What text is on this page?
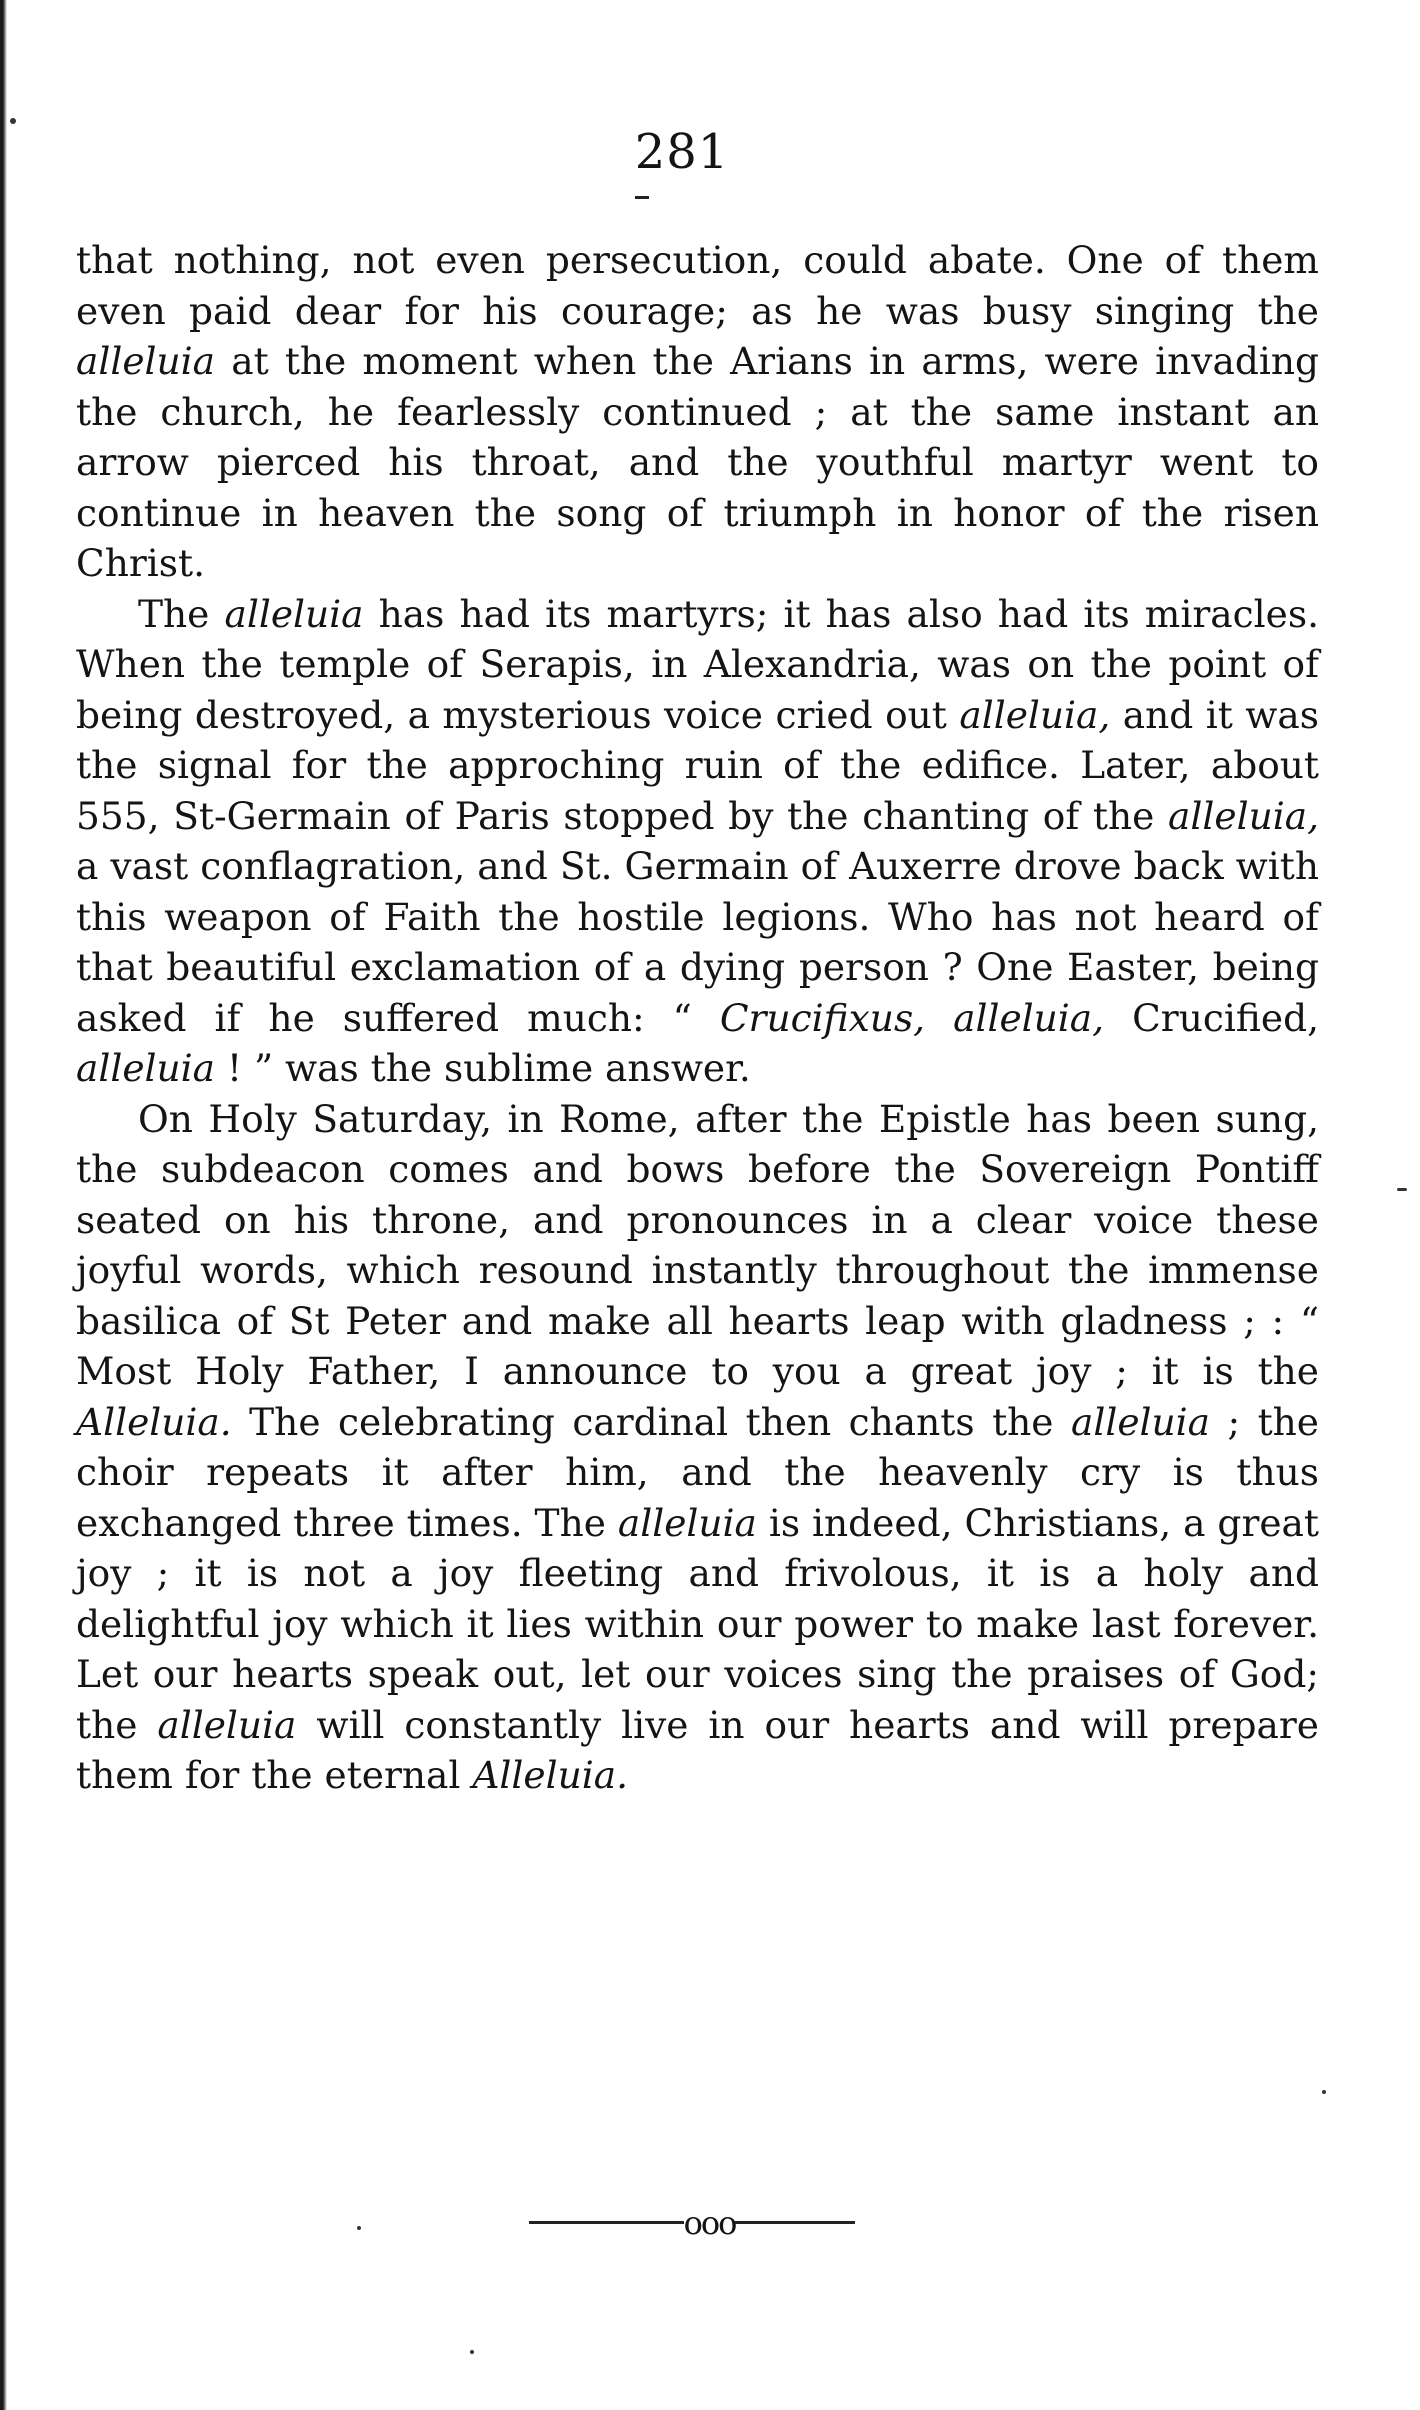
281

that nothing, not even persecution, could abate. One of them even paid dear for his courage; as he was busy singing the alleluia at the moment when the Arians in arms, were invading the church, he fearlessly continued ; at the same instant an arrow pierced his throat, and the youthful martyr went to continue in heaven the song of triumph in honor of the risen Christ.

The alleluia has had its martyrs; it has also had its miracles. When the temple of Serapis, in Alexandria, was on the point of being destroyed, a mysterious voice cried out alleluia, and it was the signal for the approching ruin of the edifice. Later, about 555, St-Germain of Paris stopped by the chanting of the alleluia, a vast conflagration, and St. Germain of Auxerre drove back with this weapon of Faith the hostile legions. Who has not heard of that beautiful exclamation of a dying person ? One Easter, being asked if he suffered much: “ Crucifixus, alleluia, Crucified, alleluia ! ” was the sublime answer.

On Holy Saturday, in Rome, after the Epistle has been sung, the subdeacon comes and bows before the Sovereign Pontiff seated on his throne, and pronounces in a clear voice these joyful words, which resound instantly throughout the immense basilica of St Peter and make all hearts leap with gladness ; : “ Most Holy Father, I announce to you a great joy ; it is the Alleluia. The celebrating cardinal then chants the alleluia ; the choir repeats it after him, and the heavenly cry is thus exchanged three times. The alleluia is indeed, Christians, a great joy ; it is not a joy fleeting and frivolous, it is a holy and delightful joy which it lies within our power to make last forever. Let our hearts speak out, let our voices sing the praises of God; the alleluia will constantly live in our hearts and will prepare them for the eternal Alleluia.

ooo
